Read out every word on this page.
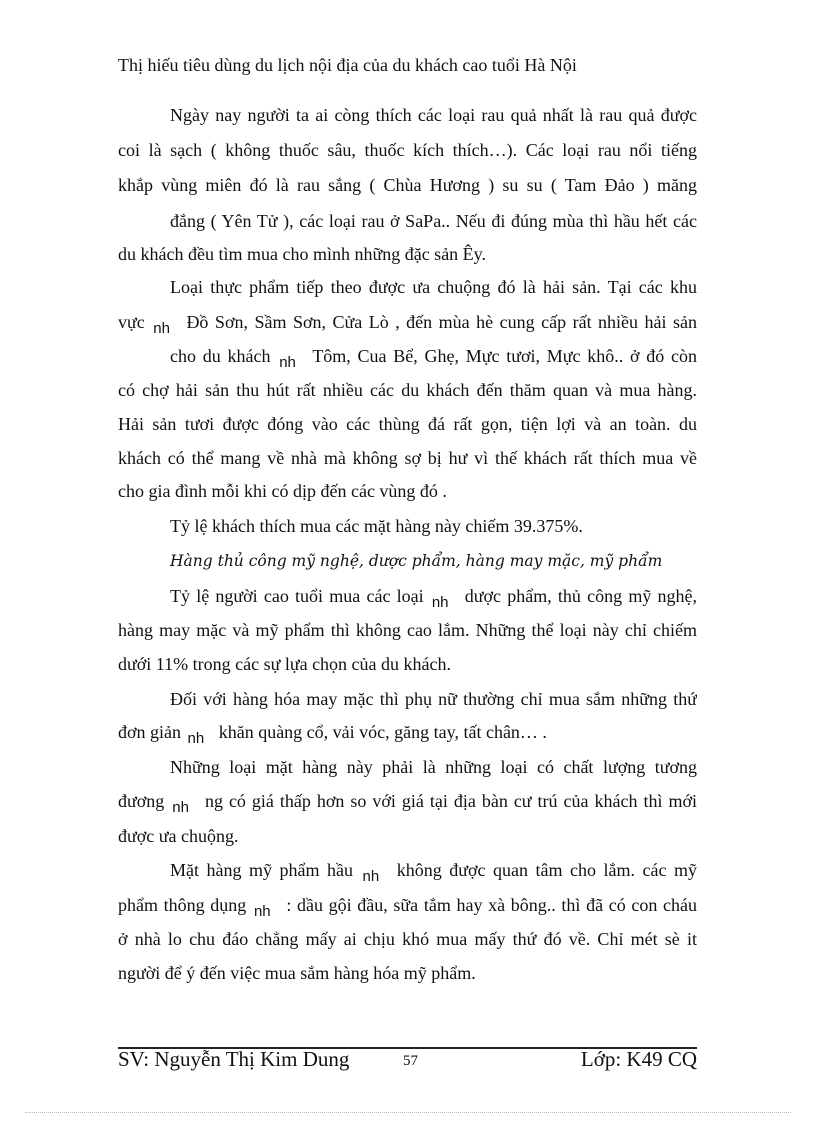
Thị hiếu tiêu dùng du lịch nội địa của du khách cao tuổi Hà Nội
Ngày nay người ta ai còng thích các loại rau quả nhất là rau quả được
coi là sạch ( không thuốc sâu, thuốc kích thích…). Các loại rau nổi tiếng
khắp vùng miên đó là rau sắng ( Chùa Hương ) su su ( Tam Đảo ) măng
đắng ( Yên Tử ), các loại rau ở SaPa.. Nếu đi đúng mùa thì hầu hết các
du khách đều tìm mua cho mình những đặc sản Êy.
Loại thực phẩm tiếp theo được ưa chuộng đó là hải sản. Tại các khu
vực $_{nh}$ Đồ Sơn, Sầm Sơn, Cửa Lò , đến mùa hè cung cấp rất nhiều hải sản
cho du khách $_{nh}$ Tôm, Cua Bể, Ghẹ, Mực tươi, Mực khô.. ở đó còn
có chợ hải sản thu hút rất nhiều các du khách đến thăm quan và mua hàng.
Hải sản tươi được đóng vào các thùng đá rất gọn, tiện lợi và an toàn. du
khách có thể mang về nhà mà không sợ bị hư vì thế khách rất thích mua về
cho gia đình mỗi khi có dịp đến các vùng đó .
Tỷ lệ khách thích mua các mặt hàng này chiếm 39.375%.
Hàng thủ công mỹ nghệ, dược phẩm, hàng may mặc, mỹ phẩm
Tỷ lệ người cao tuổi mua các loại $_{nh}$ dược phẩm, thủ công mỹ nghệ,
hàng may mặc và mỹ phẩm thì không cao lắm. Những thể loại này chỉ chiếm
dưới 11% trong các sự lựa chọn của du khách.
Đối với hàng hóa may mặc thì phụ nữ thường chỉ mua sắm những thứ
đơn giản $_{nh}$ khăn quàng cổ, vải vóc, găng tay, tất chân… .
Những loại mặt hàng này phải là những loại có chất lượng tương
đương $_{nh}$ ng có giá thấp hơn so với giá tại địa bàn cư trú của khách thì mới
được ưa chuộng.
Mặt hàng mỹ phẩm hầu $_{nh}$ không được quan tâm cho lắm. các mỹ
phẩm thông dụng $_{nh}$ : dầu gội đầu, sữa tắm hay xà bông.. thì đã có con cháu
ở nhà lo chu đáo chẳng mấy ai chịu khó mua mấy thứ đó về. Chỉ mét sè it
người để ý đến việc mua sắm hàng hóa mỹ phẩm.
SV: Nguyễn Thị Kim Dung	57	Lớp: K49 CQ
